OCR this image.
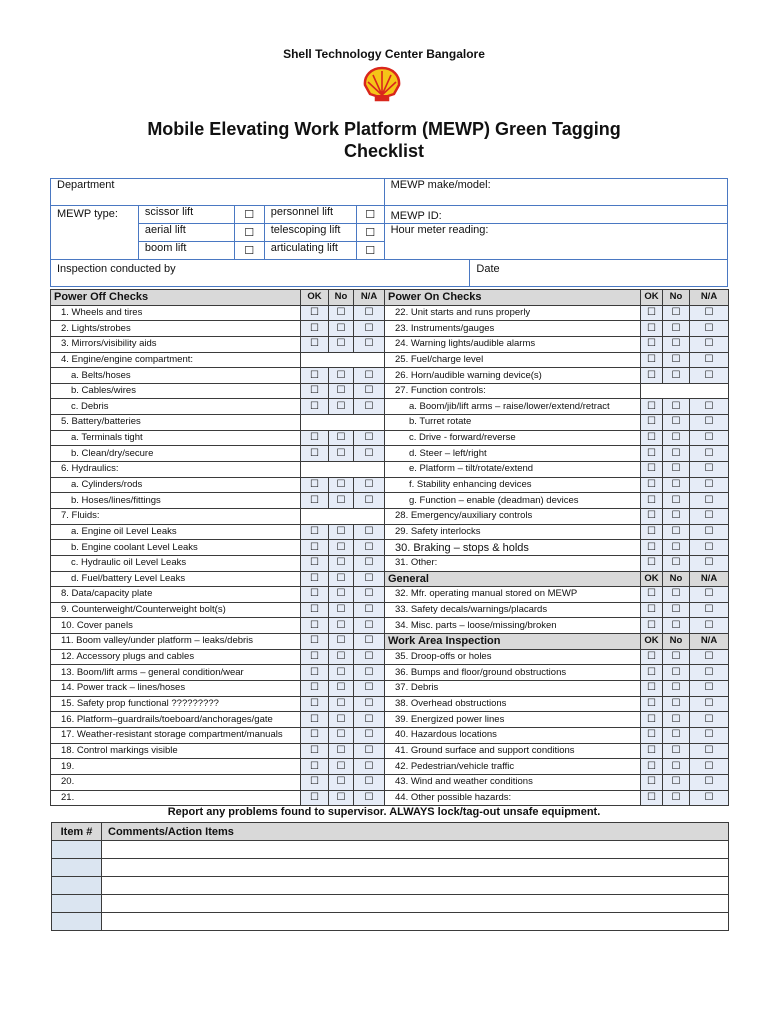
Shell Technology Center Bangalore
Mobile Elevating Work Platform (MEWP) Green Tagging
Checklist
Department					MEWP make/model:	
MEWP type:	scissor lift	☐	personnel lift	☐	MEWP ID:	
	aerial lift	☐	telescoping lift	☐	Hour meter reading:	
	boom lift	☐	articulating lift	☐		
Inspection conducted by						Date
Power Off Checks	OK	No	N/A	Power On Checks	OK	No	N/A
1. Wheels and tires	☐	☐	☐	22. Unit starts and runs properly	☐	☐	☐
2. Lights/strobes	☐	☐	☐	23. Instruments/gauges	☐	☐	☐
3. Mirrors/visibility aids	☐	☐	☐	24. Warning lights/audible alarms	☐	☐	☐
4. Engine/engine compartment:				25. Fuel/charge level	☐	☐	☐
a. Belts/hoses	☐	☐	☐	26. Horn/audible warning device(s)	☐	☐	☐
b. Cables/wires	☐	☐	☐	27. Function controls:			
c. Debris	☐	☐	☐	a. Boom/jib/lift arms – raise/lower/extend/retract	☐	☐	☐
5. Battery/batteries				b. Turret rotate	☐	☐	☐
a. Terminals tight	☐	☐	☐	c. Drive - forward/reverse	☐	☐	☐
b. Clean/dry/secure	☐	☐	☐	d. Steer – left/right	☐	☐	☐
6. Hydraulics:				e. Platform – tilt/rotate/extend	☐	☐	☐
a. Cylinders/rods	☐	☐	☐	f. Stability enhancing devices	☐	☐	☐
b. Hoses/lines/fittings	☐	☐	☐	g. Function – enable (deadman) devices	☐	☐	☐
7. Fluids:				28. Emergency/auxiliary controls	☐	☐	☐
a. Engine oil Level Leaks	☐	☐	☐	29. Safety interlocks	☐	☐	☐
b. Engine coolant Level Leaks	☐	☐	☐	30. Braking – stops & holds	☐	☐	☐
c. Hydraulic oil Level Leaks	☐	☐	☐	31. Other:	☐	☐	☐
d. Fuel/battery Level Leaks	☐	☐	☐	General	OK	No	N/A
8. Data/capacity plate	☐	☐	☐	32. Mfr. operating manual stored on MEWP	☐	☐	☐
9. Counterweight/Counterweight bolt(s)	☐	☐	☐	33. Safety decals/warnings/placards	☐	☐	☐
10. Cover panels	☐	☐	☐	34. Misc. parts – loose/missing/broken	☐	☐	☐
11. Boom valley/under platform – leaks/debris	☐	☐	☐	Work Area Inspection	OK	No	N/A
12. Accessory plugs and cables	☐	☐	☐	35. Droop-offs or holes	☐	☐	☐
13. Boom/lift arms – general condition/wear	☐	☐	☐	36. Bumps and floor/ground obstructions	☐	☐	☐
14. Power track – lines/hoses	☐	☐	☐	37. Debris	☐	☐	☐
15. Safety prop functional ?????????	☐	☐	☐	38. Overhead obstructions	☐	☐	☐
16. Platform–guardrails/toeboard/anchorages/gate	☐	☐	☐	39. Energized power lines	☐	☐	☐
17. Weather-resistant storage compartment/manuals	☐	☐	☐	40. Hazardous locations	☐	☐	☐
18. Control markings visible	☐	☐	☐	41. Ground surface and support conditions	☐	☐	☐
19.	☐	☐	☐	42. Pedestrian/vehicle traffic	☐	☐	☐
20.	☐	☐	☐	43. Wind and weather conditions	☐	☐	☐
21.	☐	☐	☐	44. Other possible hazards:	☐	☐	☐
Report any problems found to supervisor. ALWAYS lock/tag-out unsafe equipment.
Item #	Comments/Action Items
